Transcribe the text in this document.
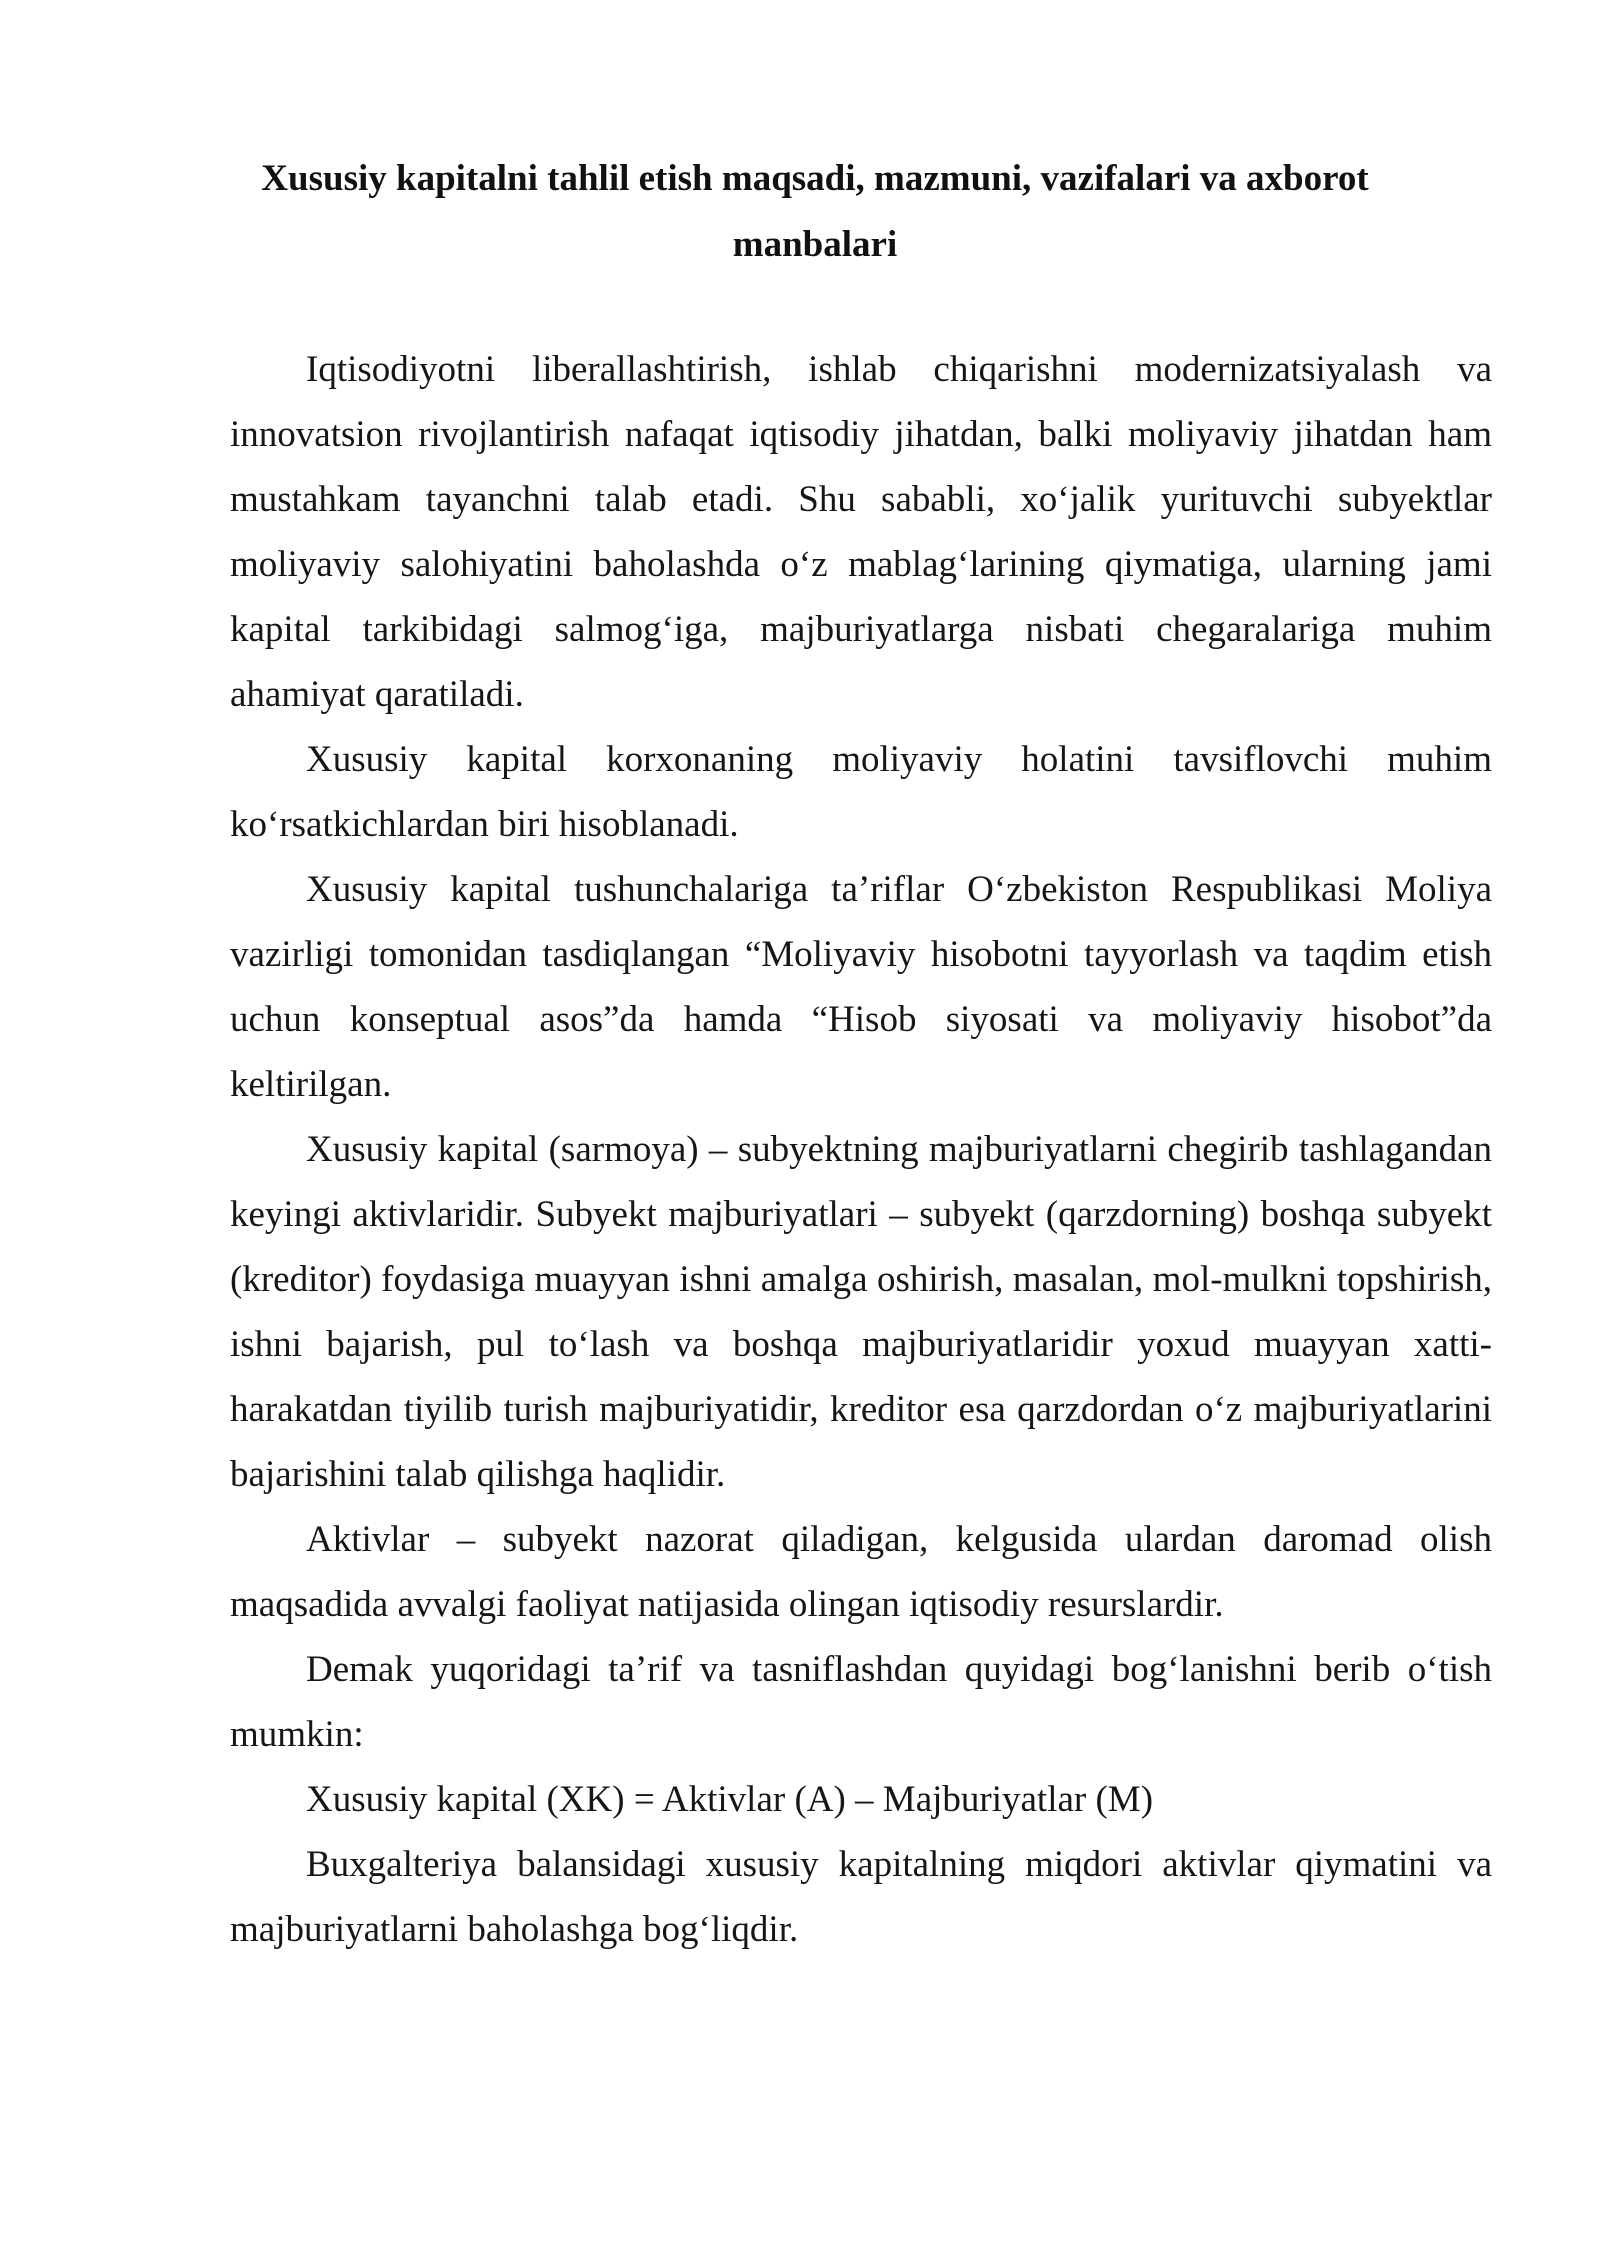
Xususiy kapitalni tahlil etish maqsadi, mazmuni, vazifalari va axborot manbalari

Iqtisodiyotni liberallashtirish, ishlab chiqarishni modernizatsiyalash va innovatsion rivojlantirish nafaqat iqtisodiy jihatdan, balki moliyaviy jihatdan ham mustahkam tayanchni talab etadi. Shu sababli, xo‘jalik yurituvchi subyektlar moliyaviy salohiyatini baholashda o‘z mablag‘larining qiymatiga, ularning jami kapital tarkibidagi salmog‘iga, majburiyatlarga nisbati chegaralariga muhim ahamiyat qaratiladi.

Xususiy kapital korxonaning moliyaviy holatini tavsiflovchi muhim ko‘rsatkichlardan biri hisoblanadi.

Xususiy kapital tushunchalariga ta’riflar O‘zbekiston Respublikasi Moliya vazirligi tomonidan tasdiqlangan “Moliyaviy hisobotni tayyorlash va taqdim etish uchun konseptual asos”da hamda “Hisob siyosati va moliyaviy hisobot”da keltirilgan.

Xususiy kapital (sarmoya) – subyektning majburiyatlarni chegirib tashlagandan keyingi aktivlaridir. Subyekt majburiyatlari – subyekt (qarzdorning) boshqa subyekt (kreditor) foydasiga muayyan ishni amalga oshirish, masalan, mol-mulkni topshirish, ishni bajarish, pul to‘lash va boshqa majburiyatlaridir yoxud muayyan xatti-harakatdan tiyilib turish majburiyatidir, kreditor esa qarzdordan o‘z majburiyatlarini bajarishini talab qilishga haqlidir.

Aktivlar – subyekt nazorat qiladigan, kelgusida ulardan daromad olish maqsadida avvalgi faoliyat natijasida olingan iqtisodiy resurslardir.

Demak yuqoridagi ta’rif va tasniflashdan quyidagi bog‘lanishni berib o‘tish mumkin:

Xususiy kapital (XK) = Aktivlar (A) – Majburiyatlar (M)

Buxgalteriya balansidagi xususiy kapitalning miqdori aktivlar qiymatini va majburiyatlarni baholashga bog‘liqdir.
